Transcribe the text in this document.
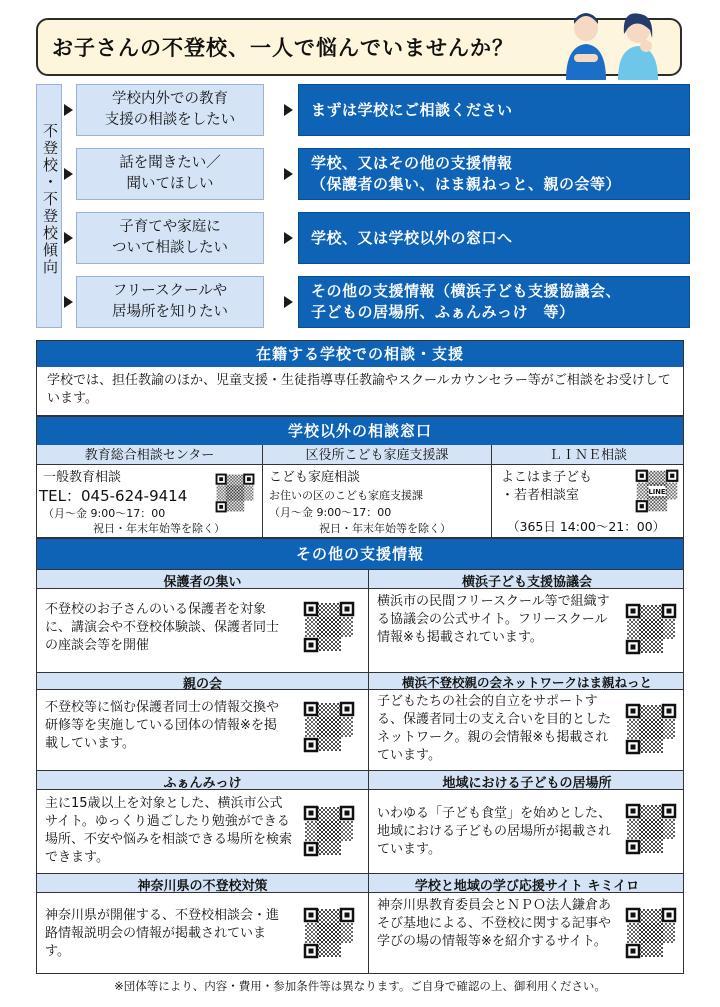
お子さんの不登校、一人で悩んでいませんか？
不登校・不登校傾向
学校内外での教育
支援の相談をしたい
まずは学校にご相談ください
話を聞きたい／
聞いてほしい
学校、又はその他の支援情報
（保護者の集い、はま親ねっと、親の会等）
子育てや家庭に
ついて相談したい
学校、又は学校以外の窓口へ
フリースクールや
居場所を知りたい
その他の支援情報（横浜子ども支援協議会、
子どもの居場所、ふぁんみっけ　等）
在籍する学校での相談・支援
学校では、担任教諭のほか、児童支援・生徒指導専任教諭やスクールカウンセラー等がご相談をお受けしています。
学校以外の相談窓口
教育総合相談センター	区役所こども家庭支援課	ＬＩＮＥ相談
一般教育相談
TEL：045-624-9414
（月～金 9:00～17：00
祝日・年末年始等を除く）
こども家庭相談
お住いの区のこども家庭支援課
（月～金 9:00～17：00
祝日・年末年始等を除く）
よこはま子ども
・若者相談室
（365日 14:00～21：00）
LINE
その他の支援情報
保護者の集い	横浜子ども支援協議会
不登校のお子さんのいる保護者を対象に、講演会や不登校体験談、保護者同士の座談会等を開催
横浜市の民間フリースクール等で組織する協議会の公式サイト。フリースクール情報※も掲載されています。
親の会	横浜不登校親の会ネットワークはま親ねっと
不登校等に悩む保護者同士の情報交換や研修等を実施している団体の情報※を掲載しています。
子どもたちの社会的自立をサポートする、保護者同士の支え合いを目的としたネットワーク。親の会情報※も掲載されています。
ふぁんみっけ	地域における子どもの居場所
主に15歳以上を対象とした、横浜市公式サイト。ゆっくり過ごしたり勉強ができる場所、不安や悩みを相談できる場所を検索できます。
いわゆる「子ども食堂」を始めとした、地域における子どもの居場所が掲載されています。
神奈川県の不登校対策	学校と地域の学び応援サイト キミイロ
神奈川県が開催する、不登校相談会・進路情報説明会の情報が掲載されています。
神奈川県教育委員会とＮＰＯ法人鎌倉あそび基地による、不登校に関する記事や学びの場の情報等※を紹介するサイト。
※団体等により、内容・費用・参加条件等は異なります。ご自身で確認の上、御利用ください。
